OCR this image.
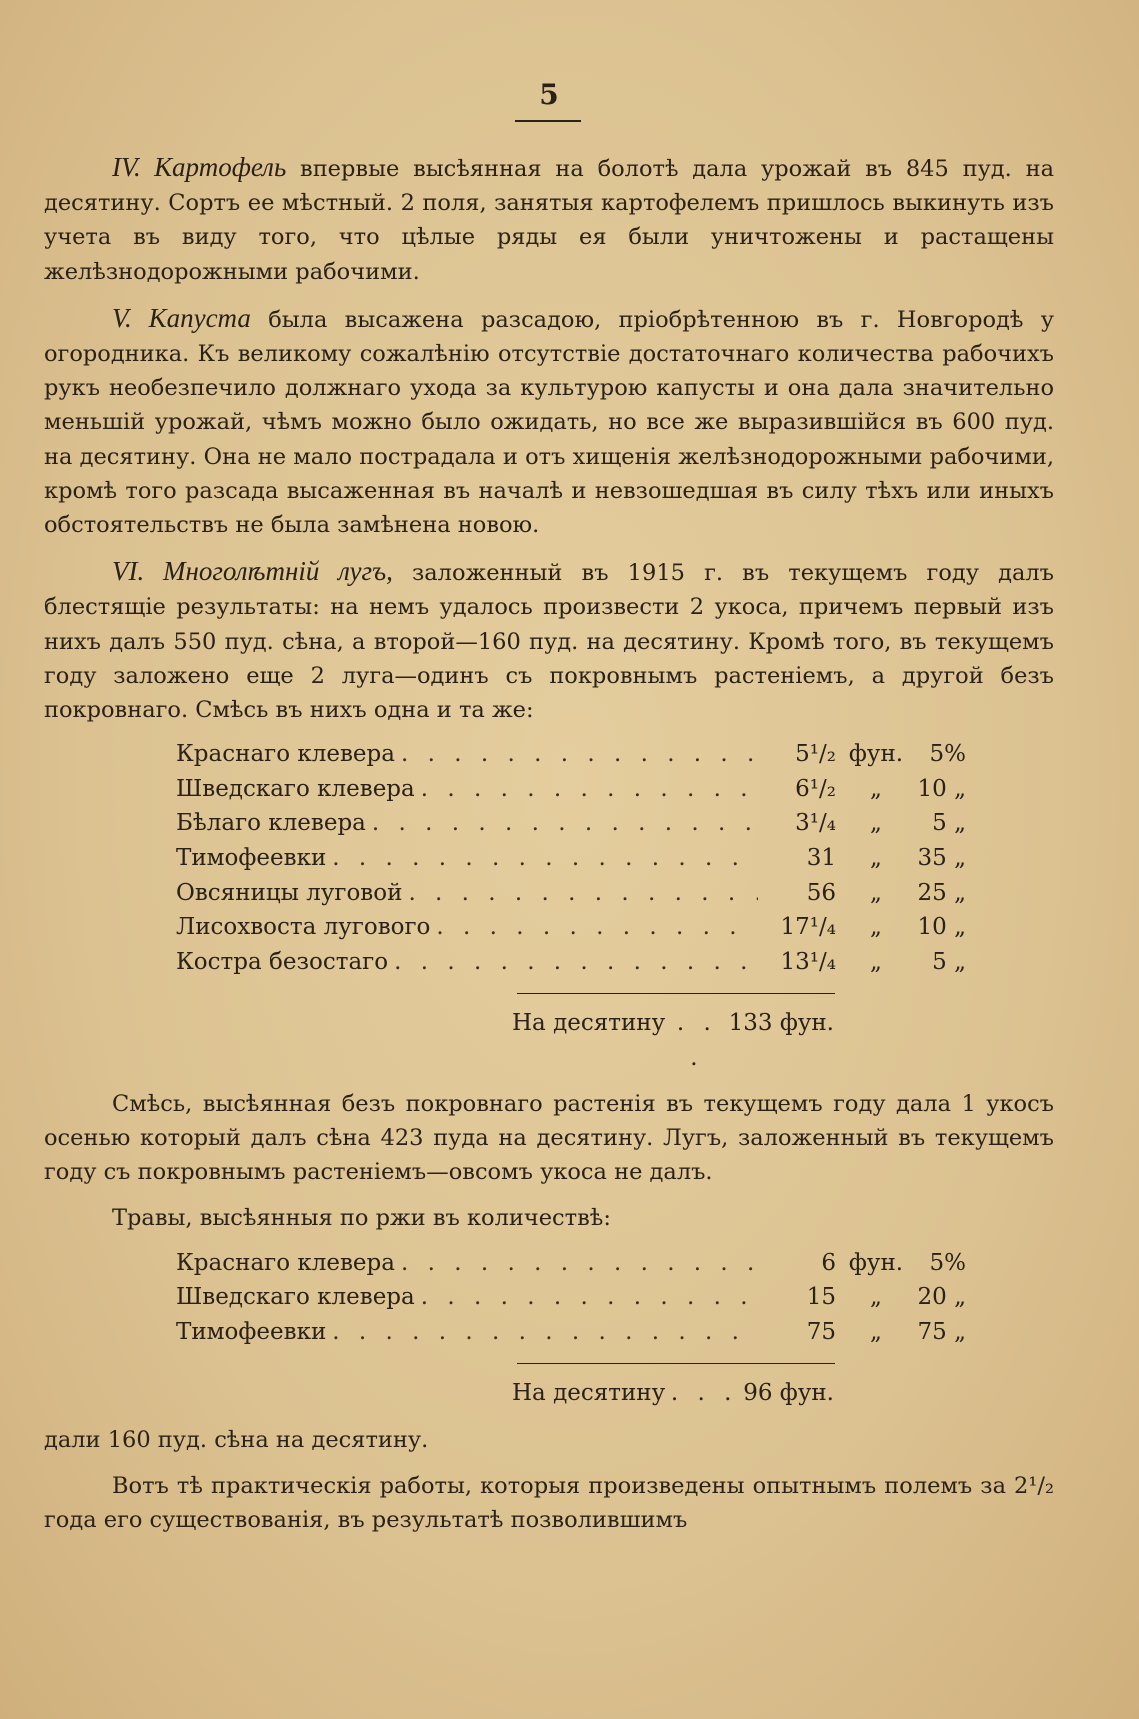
5

IV. Картофель впервые высѣянная на болотѣ дала урожай въ 845 пуд. на десятину. Сортъ ее мѣстный. 2 поля, занятыя картофелемъ пришлось выкинуть изъ учета въ виду того, что цѣлые ряды ея были уничтожены и растащены желѣзнодорожными рабочими.

V. Капуста была высажена разсадою, пріобрѣтенною въ г. Новгородѣ у огородника. Къ великому сожалѣнію отсутствіе достаточнаго количества рабочихъ рукъ необезпечило должнаго ухода за культурою капусты и она дала значительно меньшій урожай, чѣмъ можно было ожидать, но все же выразившійся въ 600 пуд. на десятину. Она не мало пострадала и отъ хищенія желѣзнодорожными рабочими, кромѣ того разсада высаженная въ началѣ и невзошедшая въ силу тѣхъ или иныхъ обстоятельствъ не была замѣнена новою.

VI. Многолѣтній лугъ, заложенный въ 1915 г. въ текущемъ году далъ блестящіе результаты: на немъ удалось произвести 2 укоса, причемъ первый изъ нихъ далъ 550 пуд. сѣна, а второй—160 пуд. на десятину. Кромѣ того, въ текущемъ году заложено еще 2 луга—одинъ съ покровнымъ растеніемъ, а другой безъ покровнаго. Смѣсь въ нихъ одна и та же:

Краснаго клевера . . .	5¹/₂ фун.	5%
Шведскаго клевера . . .	6¹/₂	„	10 „
Бѣлаго клевера . . .	3¹/₄	„	5 „
Тимофеевки . . .	31	„	35 „
Овсяницы луговой . . .	56	„	25 „
Лисохвоста лугового . . .	17¹/₄	„	10 „
Костра безостаго . . .	13¹/₄	„	5 „
На десятину . . .
133 фун.

Смѣсь, высѣянная безъ покровнаго растенія въ текущемъ году дала 1 укосъ осенью который далъ сѣна 423 пуда на десятину. Лугъ, заложенный въ текущемъ году съ покровнымъ растеніемъ—овсомъ укоса не далъ.

Травы, высѣянныя по ржи въ количествѣ:

Краснаго клевера . . .	6 фун.	5%
Шведскаго клевера . . .	15	„	20 „
Тимофеевки . . .	75	„	75 „
На десятину . . . 96 фун.

дали 160 пуд. сѣна на десятину.

Вотъ тѣ практическія работы, которыя произведены опытнымъ полемъ за 2¹/₂ года его существованія, въ результатѣ позволившимъ
